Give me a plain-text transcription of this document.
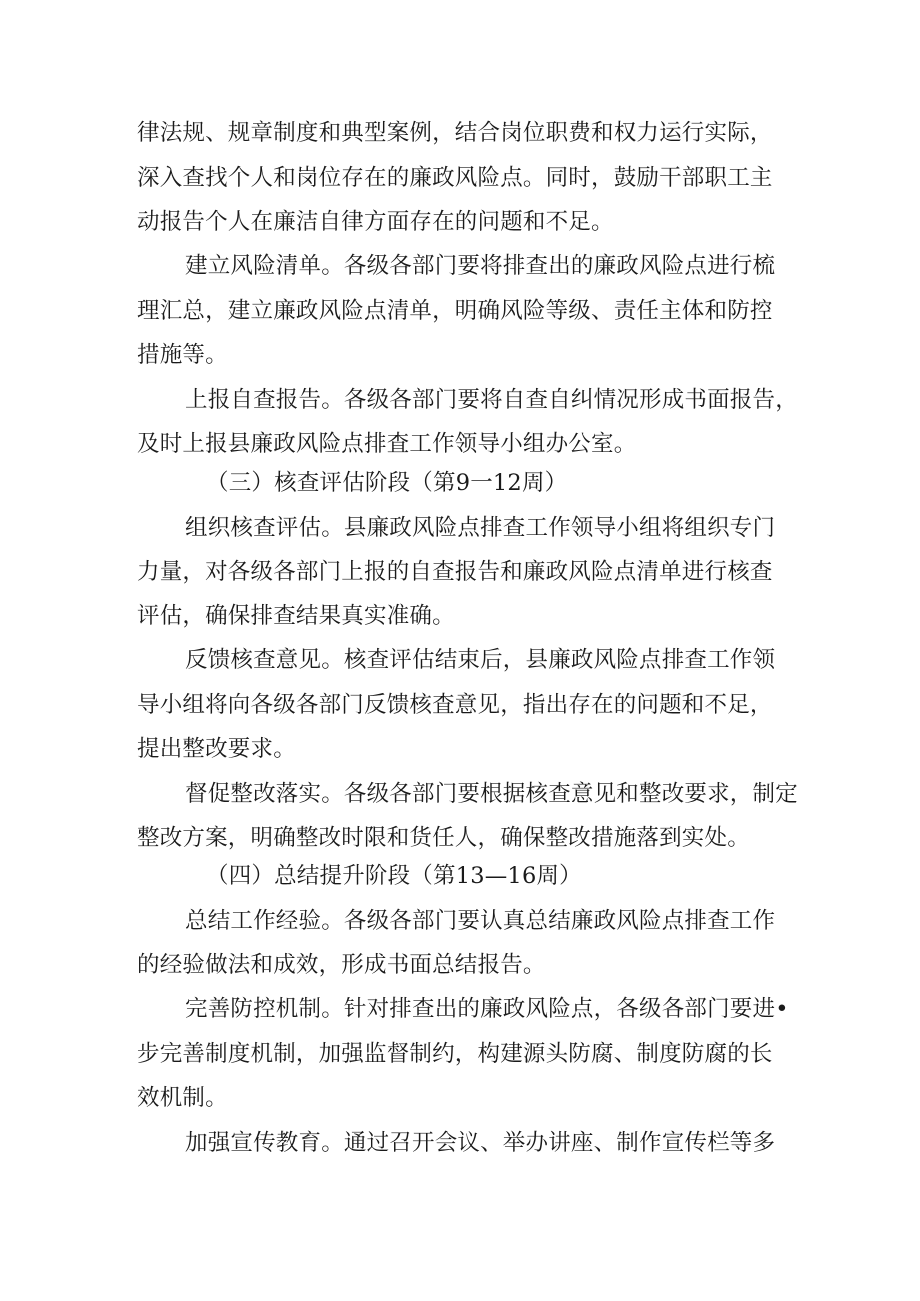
律法规、规章制度和典型案例，结合岗位职费和权力运行实际，
深入查找个人和岗位存在的廉政风险点。同时，鼓励干部职工主
动报告个人在廉洁自律方面存在的问题和不足。
建立风险清单。各级各部门要将排查出的廉政风险点进行梳
理汇总，建立廉政风险点清单，明确风险等级、责任主体和防控
措施等。
上报自查报告。各级各部门要将自查自纠情况形成书面报告，
及时上报县廉政风险点排査工作领导小组办公室。
（三）核查评估阶段（第9一12周）
组织核查评估。县廉政风险点排查工作领导小组将组织专门
力量，对各级各部门上报的自查报告和廉政风险点清单进行核查
评估，确保排查结果真实准确。
反馈核查意见。核查评估结束后，县廉政风险点排查工作领
导小组将向各级各部门反馈核査意见，指出存在的问题和不足，
提出整改要求。
督促整改落实。各级各部门要根据核查意见和整改要求，制定
整改方案，明确整改时限和货任人，确保整改措施落到实处。
（四）总结提升阶段（第13—16周）
总结工作经验。各级各部门要认真总结廉政风险点排查工作
的经验做法和成效，形成书面总结报告。
完善防控机制。针对排查出的廉政风险点，各级各部门要进•
步完善制度机制，加强监督制约，构建源头防腐、制度防腐的长
效机制。
加强宣传教育。通过召开会议、举办讲座、制作宣传栏等多
